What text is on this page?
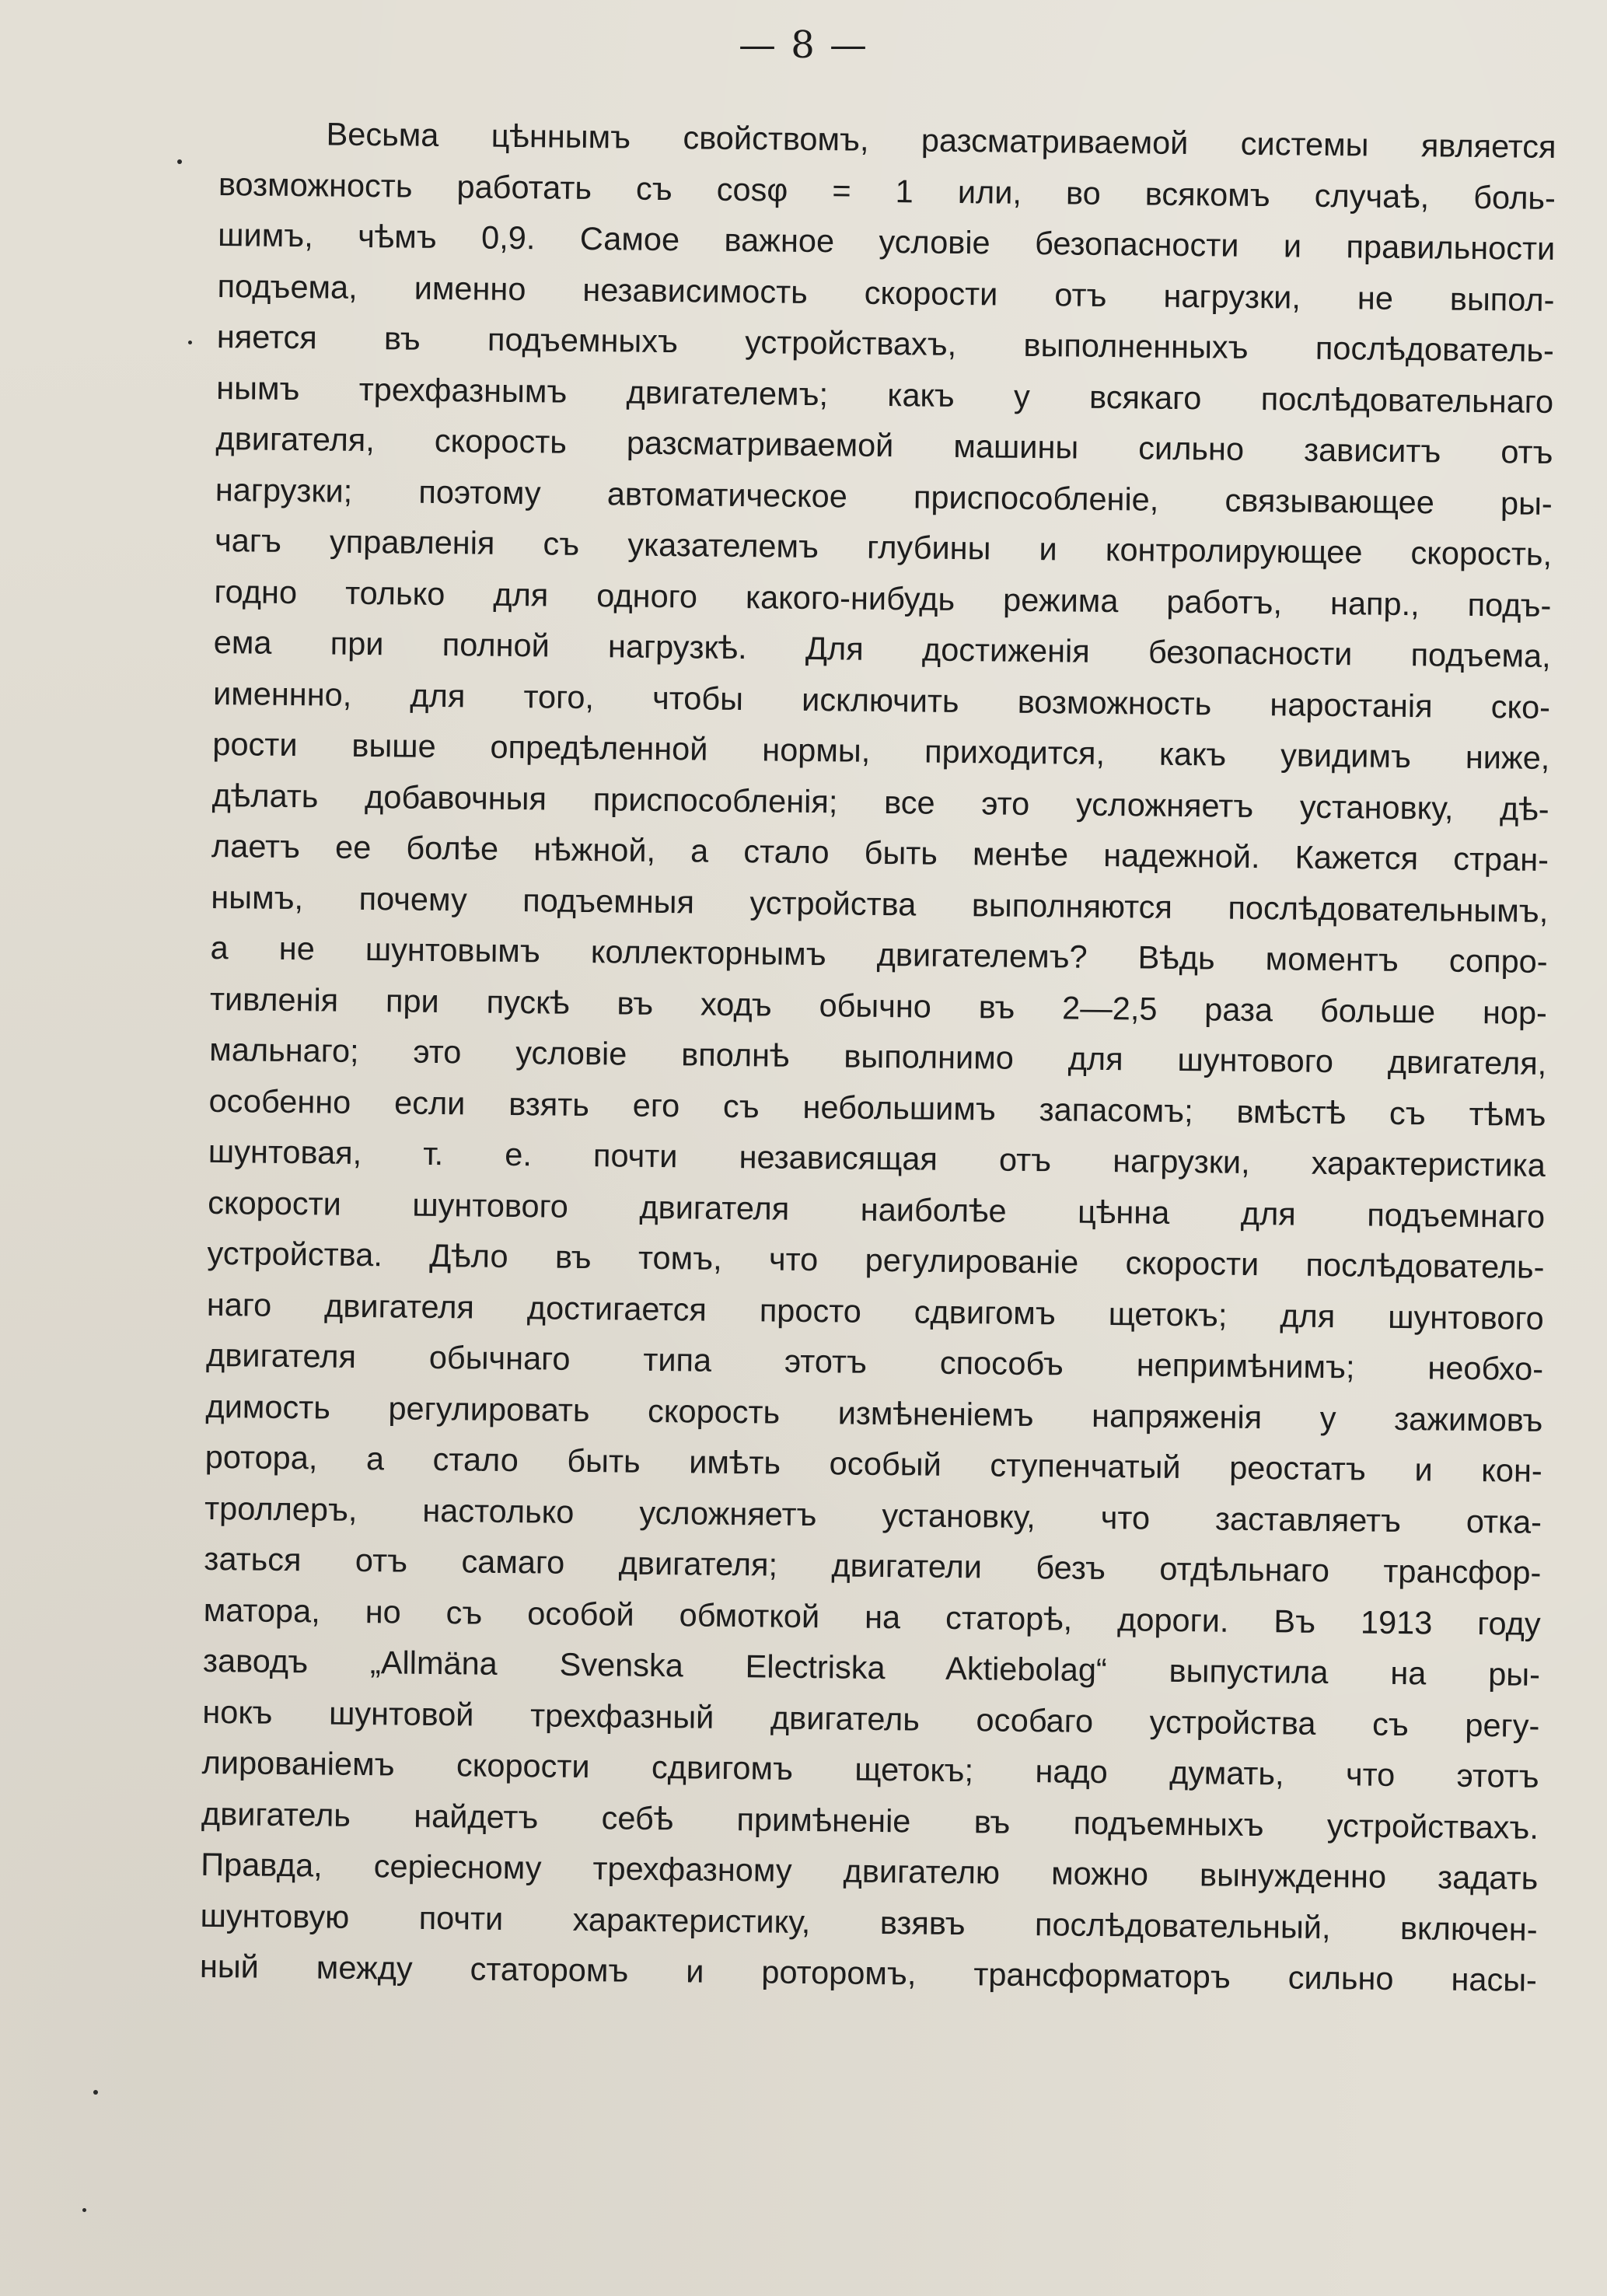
— 8 —
Весьма цѣннымъ свойствомъ, разсматриваемой системы является
возможность работать съ cosφ = 1 или, во всякомъ случаѣ, боль-
шимъ, чѣмъ 0,9. Самое важное условіе безопасности и правильности
подъема, именно независимость скорости отъ нагрузки, не выпол-
няется въ подъемныхъ устройствахъ, выполненныхъ послѣдователь-
нымъ трехфазнымъ двигателемъ; какъ у всякаго послѣдовательнаго
двигателя, скорость разсматриваемой машины сильно зависитъ отъ
нагрузки; поэтому автоматическое приспособленіе, связывающее ры-
чагъ управленія съ указателемъ глубины и контролирующее скорость,
годно только для одного какого-нибудь режима работъ, напр., подъ-
ема при полной нагрузкѣ. Для достиженія безопасности подъема,
именнно, для того, чтобы исключить возможность наростанія ско-
рости выше опредѣленной нормы, приходится, какъ увидимъ ниже,
дѣлать добавочныя приспособленія; все это усложняетъ установку, дѣ-
лаетъ ее болѣе нѣжной, а стало быть менѣе надежной. Кажется стран-
нымъ, почему подъемныя устройства выполняются послѣдовательнымъ,
а не шунтовымъ коллекторнымъ двигателемъ? Вѣдь моментъ сопро-
тивленія при пускѣ въ ходъ обычно въ 2—2,5 раза больше нор-
мальнаго; это условіе вполнѣ выполнимо для шунтового двигателя,
особенно если взять его съ небольшимъ запасомъ; вмѣстѣ съ тѣмъ
шунтовая, т. е. почти независящая отъ нагрузки, характеристика
скорости шунтового двигателя наиболѣе цѣнна для подъемнаго
устройства. Дѣло въ томъ, что регулированіе скорости послѣдователь-
наго двигателя достигается просто сдвигомъ щетокъ; для шунтового
двигателя обычнаго типа этотъ способъ непримѣнимъ; необхо-
димость регулировать скорость измѣненіемъ напряженія у зажимовъ
ротора, а стало быть имѣть особый ступенчатый реостатъ и кон-
троллеръ, настолько усложняетъ установку, что заставляетъ отка-
заться отъ самаго двигателя; двигатели безъ отдѣльнаго трансфор-
матора, но съ особой обмоткой на статорѣ, дороги. Въ 1913 году
заводъ „Allmäna Svenska Electriska Aktiebolag“ выпустила на ры-
нокъ шунтовой трехфазный двигатель особаго устройства съ регу-
лированіемъ скорости сдвигомъ щетокъ; надо думать, что этотъ
двигатель найдетъ себѣ примѣненіе въ подъемныхъ устройствахъ.
Правда, серіесному трехфазному двигателю можно вынужденно задать
шунтовую почти характеристику, взявъ послѣдовательный, включен-
ный между статоромъ и роторомъ, трансформаторъ сильно насы-
